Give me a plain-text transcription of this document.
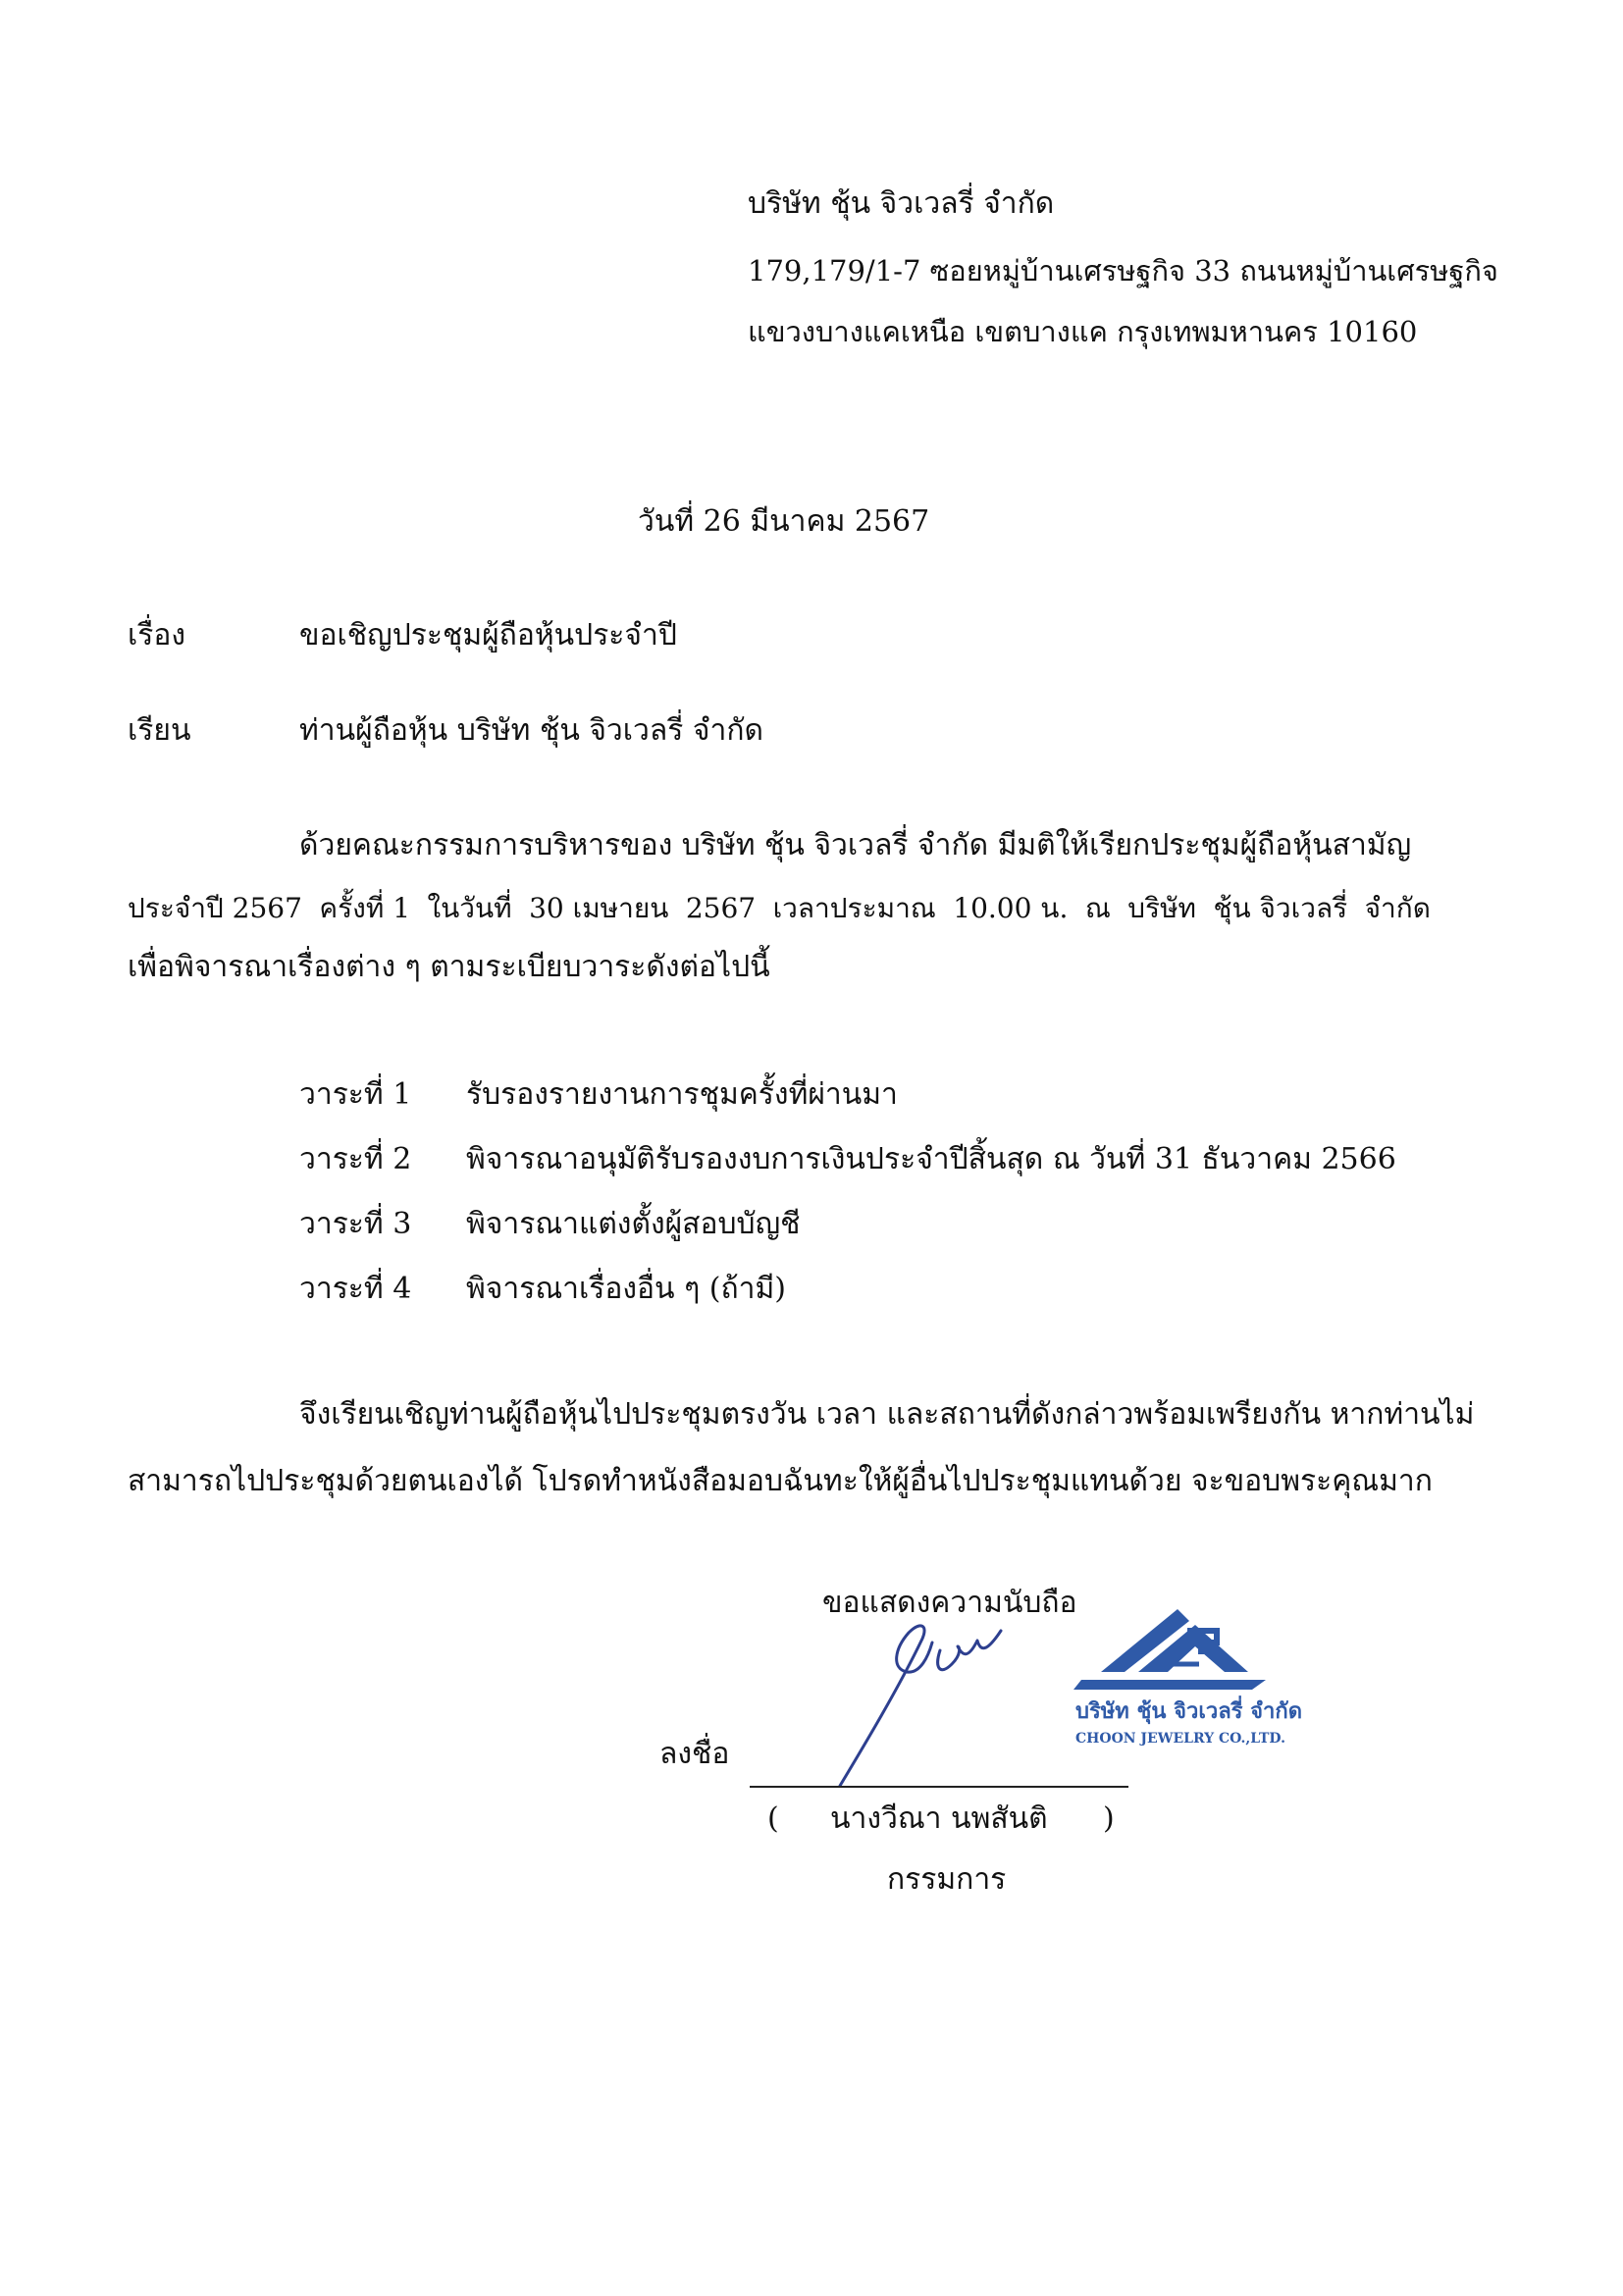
บริษัท ชุ้น จิวเวลรี่ จำกัด
179,179/1-7 ซอยหมู่บ้านเศรษฐกิจ 33 ถนนหมู่บ้านเศรษฐกิจ
แขวงบางแคเหนือ เขตบางแค กรุงเทพมหานคร 10160
วันที่ 26 มีนาคม 2567
เรื่อง	ขอเชิญประชุมผู้ถือหุ้นประจำปี
เรียน	ท่านผู้ถือหุ้น บริษัท ชุ้น จิวเวลรี่ จำกัด
ด้วยคณะกรรมการบริหารของ บริษัท ชุ้น จิวเวลรี่ จำกัด มีมติให้เรียกประชุมผู้ถือหุ้นสามัญ
ประจำปี 2567 ครั้งที่ 1 ในวันที่ 30 เมษายน 2567 เวลาประมาณ 10.00 น. ณ บริษัท ชุ้น จิวเวลรี่ จำกัด
เพื่อพิจารณาเรื่องต่าง ๆ ตามระเบียบวาระดังต่อไปนี้
วาระที่ 1 รับรองรายงานการชุมครั้งที่ผ่านมา
วาระที่ 2 พิจารณาอนุมัติรับรองงบการเงินประจำปีสิ้นสุด ณ วันที่ 31 ธันวาคม 2566
วาระที่ 3 พิจารณาแต่งตั้งผู้สอบบัญชี
วาระที่ 4 พิจารณาเรื่องอื่น ๆ (ถ้ามี)
จึงเรียนเชิญท่านผู้ถือหุ้นไปประชุมตรงวัน เวลา และสถานที่ดังกล่าวพร้อมเพรียงกัน หากท่านไม่
สามารถไปประชุมด้วยตนเองได้ โปรดทำหนังสือมอบฉันทะให้ผู้อื่นไปประชุมแทนด้วย จะขอบพระคุณมาก
ขอแสดงความนับถือ
ลงชื่อ
( นางวีณา นพสันติ )
กรรมการ
บริษัท ชุ้น จิวเวลรี่ จำกัด
CHOON JEWELRY CO.,LTD.
